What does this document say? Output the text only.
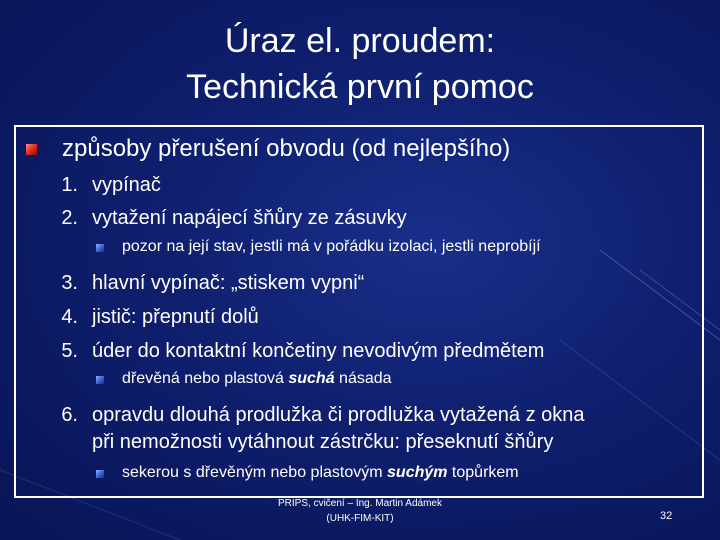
Úraz el. proudem:
Technická první pomoc
způsoby přerušení obvodu (od nejlepšího)
1. vypínač
2. vytažení napájecí šňůry ze zásuvky
pozor na její stav, jestli má v pořádku izolaci, jestli neprobíjí
3. hlavní vypínač: „stiskem vypni“
4. jistič: přepnutí dolů
5. úder do kontaktní končetiny nevodivým předmětem
dřevěná nebo plastová suchá násada
6. opravdu dlouhá prodlužka či prodlužka vytažená z okna
při nemožnosti vytáhnout zástrčku: přeseknutí šňůry
sekerou s dřevěným nebo plastovým suchým topůrkem
PRIPS, cvičení – Ing. Martin Adámek
(UHK-FIM-KIT)	32
